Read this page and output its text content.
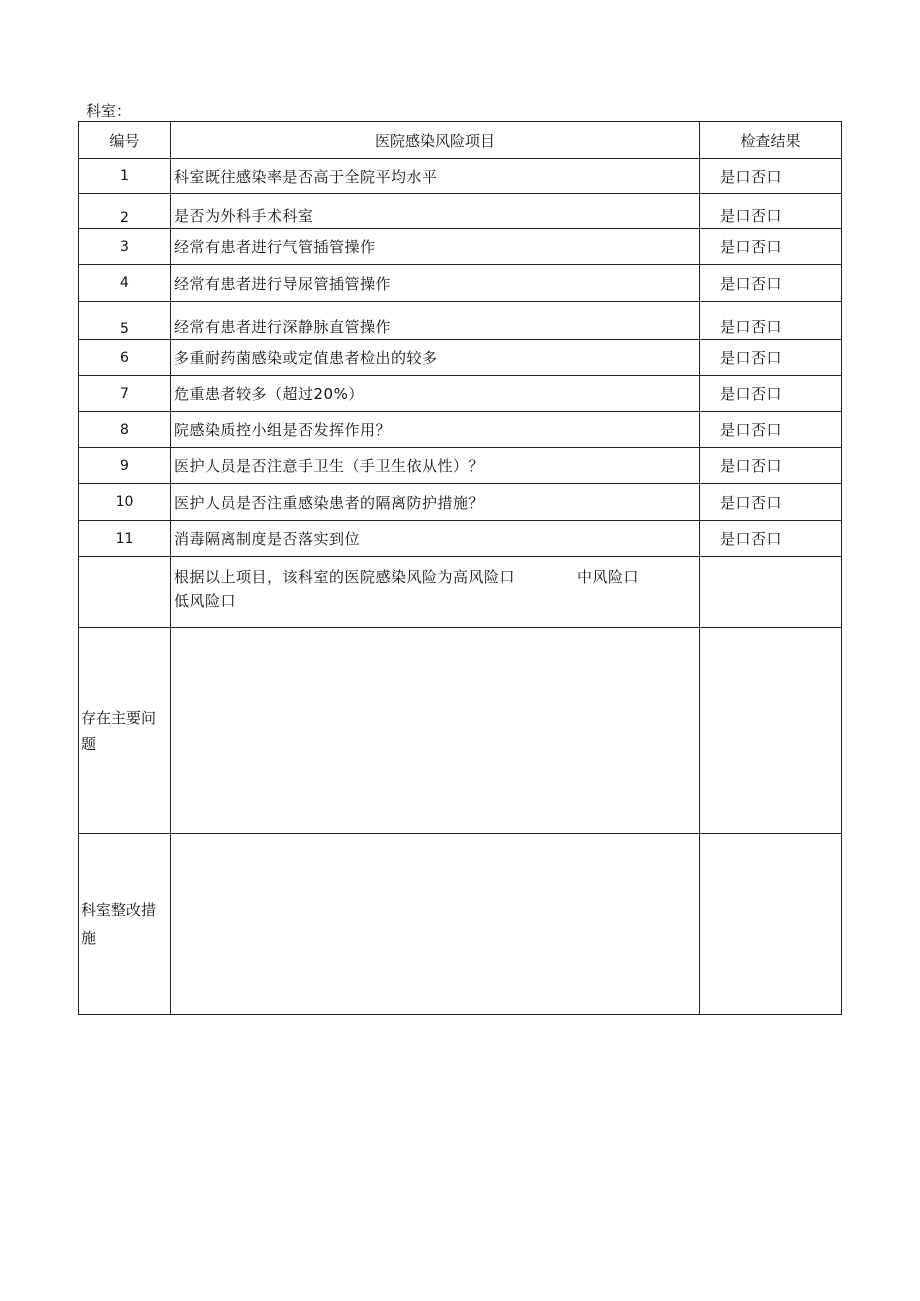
科室：
编号	医院感染风险项目	检查结果
1	科室既往感染率是否高于全院平均水平	是口否口
2	是否为外科手术科室	是口否口
3	经常有患者进行气管插管操作	是口否口
4	经常有患者进行导尿管插管操作	是口否口
5	经常有患者进行深静脉直管操作	是口否口
6	多重耐药菌感染或定值患者检出的较多	是口否口
7	危重患者较多（超过20%）	是口否口
8	院感染质控小组是否发挥作用？	是口否口
9	医护人员是否注意手卫生（手卫生依从性）？	是口否口
10	医护人员是否注重感染患者的隔离防护措施？	是口否口
11	消毒隔离制度是否落实到位	是口否口
	根据以上项目，该科室的医院感染风险为高风险口 中风险口
低风险口	
存在主要问题		
科室整改措施		
